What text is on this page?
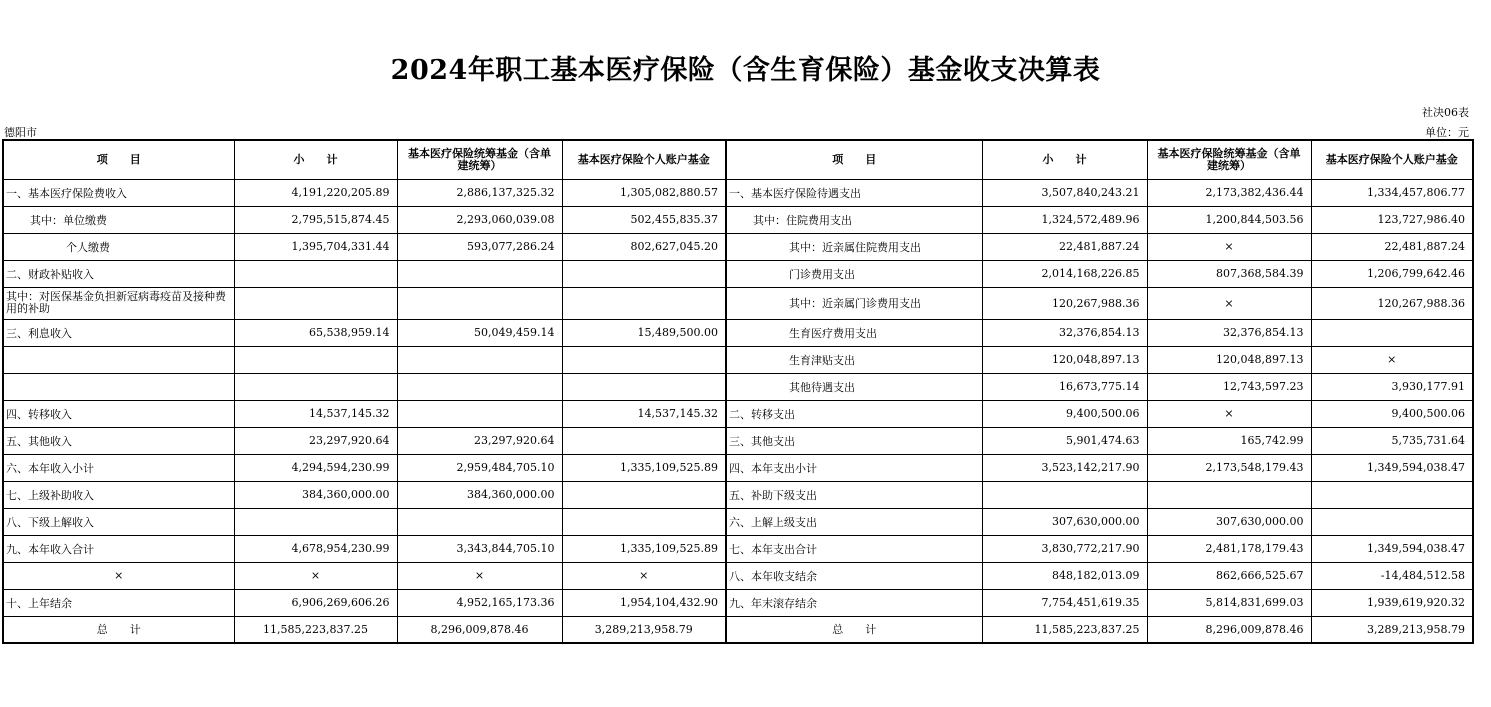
2024年职工基本医疗保险（含生育保险）基金收支决算表
社决06表
德阳市	单位：元
项　　目	小　　计	基本医疗保险统筹基金（含单建统筹）	基本医疗保险个人账户基金	项　　目	小　　计	基本医疗保险统筹基金（含单建统筹）	基本医疗保险个人账户基金
一、基本医疗保险费收入	4,191,220,205.89	2,886,137,325.32	1,305,082,880.57	一、基本医疗保险待遇支出	3,507,840,243.21	2,173,382,436.44	1,334,457,806.77
其中：单位缴费	2,795,515,874.45	2,293,060,039.08	502,455,835.37	其中：住院费用支出	1,324,572,489.96	1,200,844,503.56	123,727,986.40
个人缴费	1,395,704,331.44	593,077,286.24	802,627,045.20	其中：近亲属住院费用支出	22,481,887.24	×	22,481,887.24
二、财政补贴收入				门诊费用支出	2,014,168,226.85	807,368,584.39	1,206,799,642.46
其中：对医保基金负担新冠病毒疫苗及接种费用的补助				其中：近亲属门诊费用支出	120,267,988.36	×	120,267,988.36
三、利息收入	65,538,959.14	50,049,459.14	15,489,500.00	生育医疗费用支出	32,376,854.13	32,376,854.13	
				生育津贴支出	120,048,897.13	120,048,897.13	×
				其他待遇支出	16,673,775.14	12,743,597.23	3,930,177.91
四、转移收入	14,537,145.32		14,537,145.32	二、转移支出	9,400,500.06	×	9,400,500.06
五、其他收入	23,297,920.64	23,297,920.64		三、其他支出	5,901,474.63	165,742.99	5,735,731.64
六、本年收入小计	4,294,594,230.99	2,959,484,705.10	1,335,109,525.89	四、本年支出小计	3,523,142,217.90	2,173,548,179.43	1,349,594,038.47
七、上级补助收入	384,360,000.00	384,360,000.00		五、补助下级支出			
八、下级上解收入				六、上解上级支出	307,630,000.00	307,630,000.00	
九、本年收入合计	4,678,954,230.99	3,343,844,705.10	1,335,109,525.89	七、本年支出合计	3,830,772,217.90	2,481,178,179.43	1,349,594,038.47
×	×	×	×	八、本年收支结余	848,182,013.09	862,666,525.67	-14,484,512.58
十、上年结余	6,906,269,606.26	4,952,165,173.36	1,954,104,432.90	九、年末滚存结余	7,754,451,619.35	5,814,831,699.03	1,939,619,920.32
总　　计	11,585,223,837.25	8,296,009,878.46	3,289,213,958.79	总　　计	11,585,223,837.25	8,296,009,878.46	3,289,213,958.79
